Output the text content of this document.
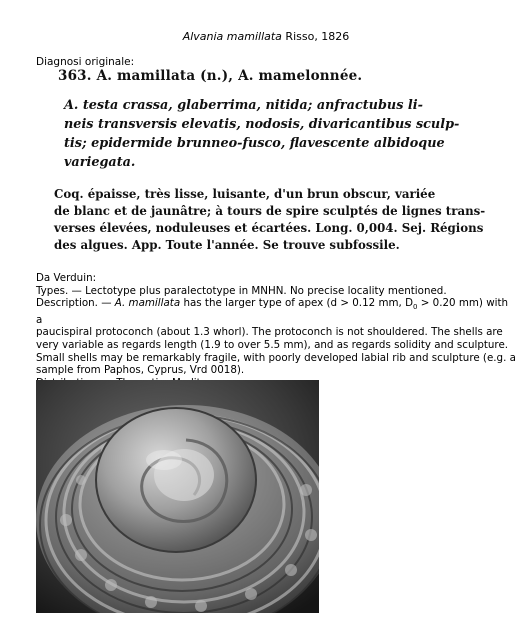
Alvania mamillata Risso, 1826
Diagnosi originale:
363. A. mamillata (n.), A. mamelonnée.
A. testa crassa, glaberrima, nitida; anfractubus li-
neis transversis elevatis, nodosis, divaricantibus sculp-
tis; epidermide brunneo-fusco, flavescente albidoque
variegata.
Coq. épaisse, très lisse, luisante, d'un brun obscur, variée
de blanc et de jaunâtre; à tours de spire sculptés de lignes trans-
verses élevées, noduleuses et écartées. Long. 0,004. Sej. Régions
des algues. App. Toute l'année. Se trouve subfossile.

Da Verduin:

Types. — Lectotype plus paralectotype in MNHN. No precise locality mentioned.

Description. — A. mamillata has the larger type of apex (d > 0.12 mm, $D_0 > 0.20$ mm) with a

paucispiral protoconch (about 1.3 whorl). The protoconch is not shouldered. The shells are

very variable as regards length (1.9 to over 5.5 mm), and as regards solidity and sculpture.

Small shells may be remarkably fragile, with poorly developed labial rib and sculpture (e.g. a

sample from Paphos, Cyprus, Vrd 0018).
